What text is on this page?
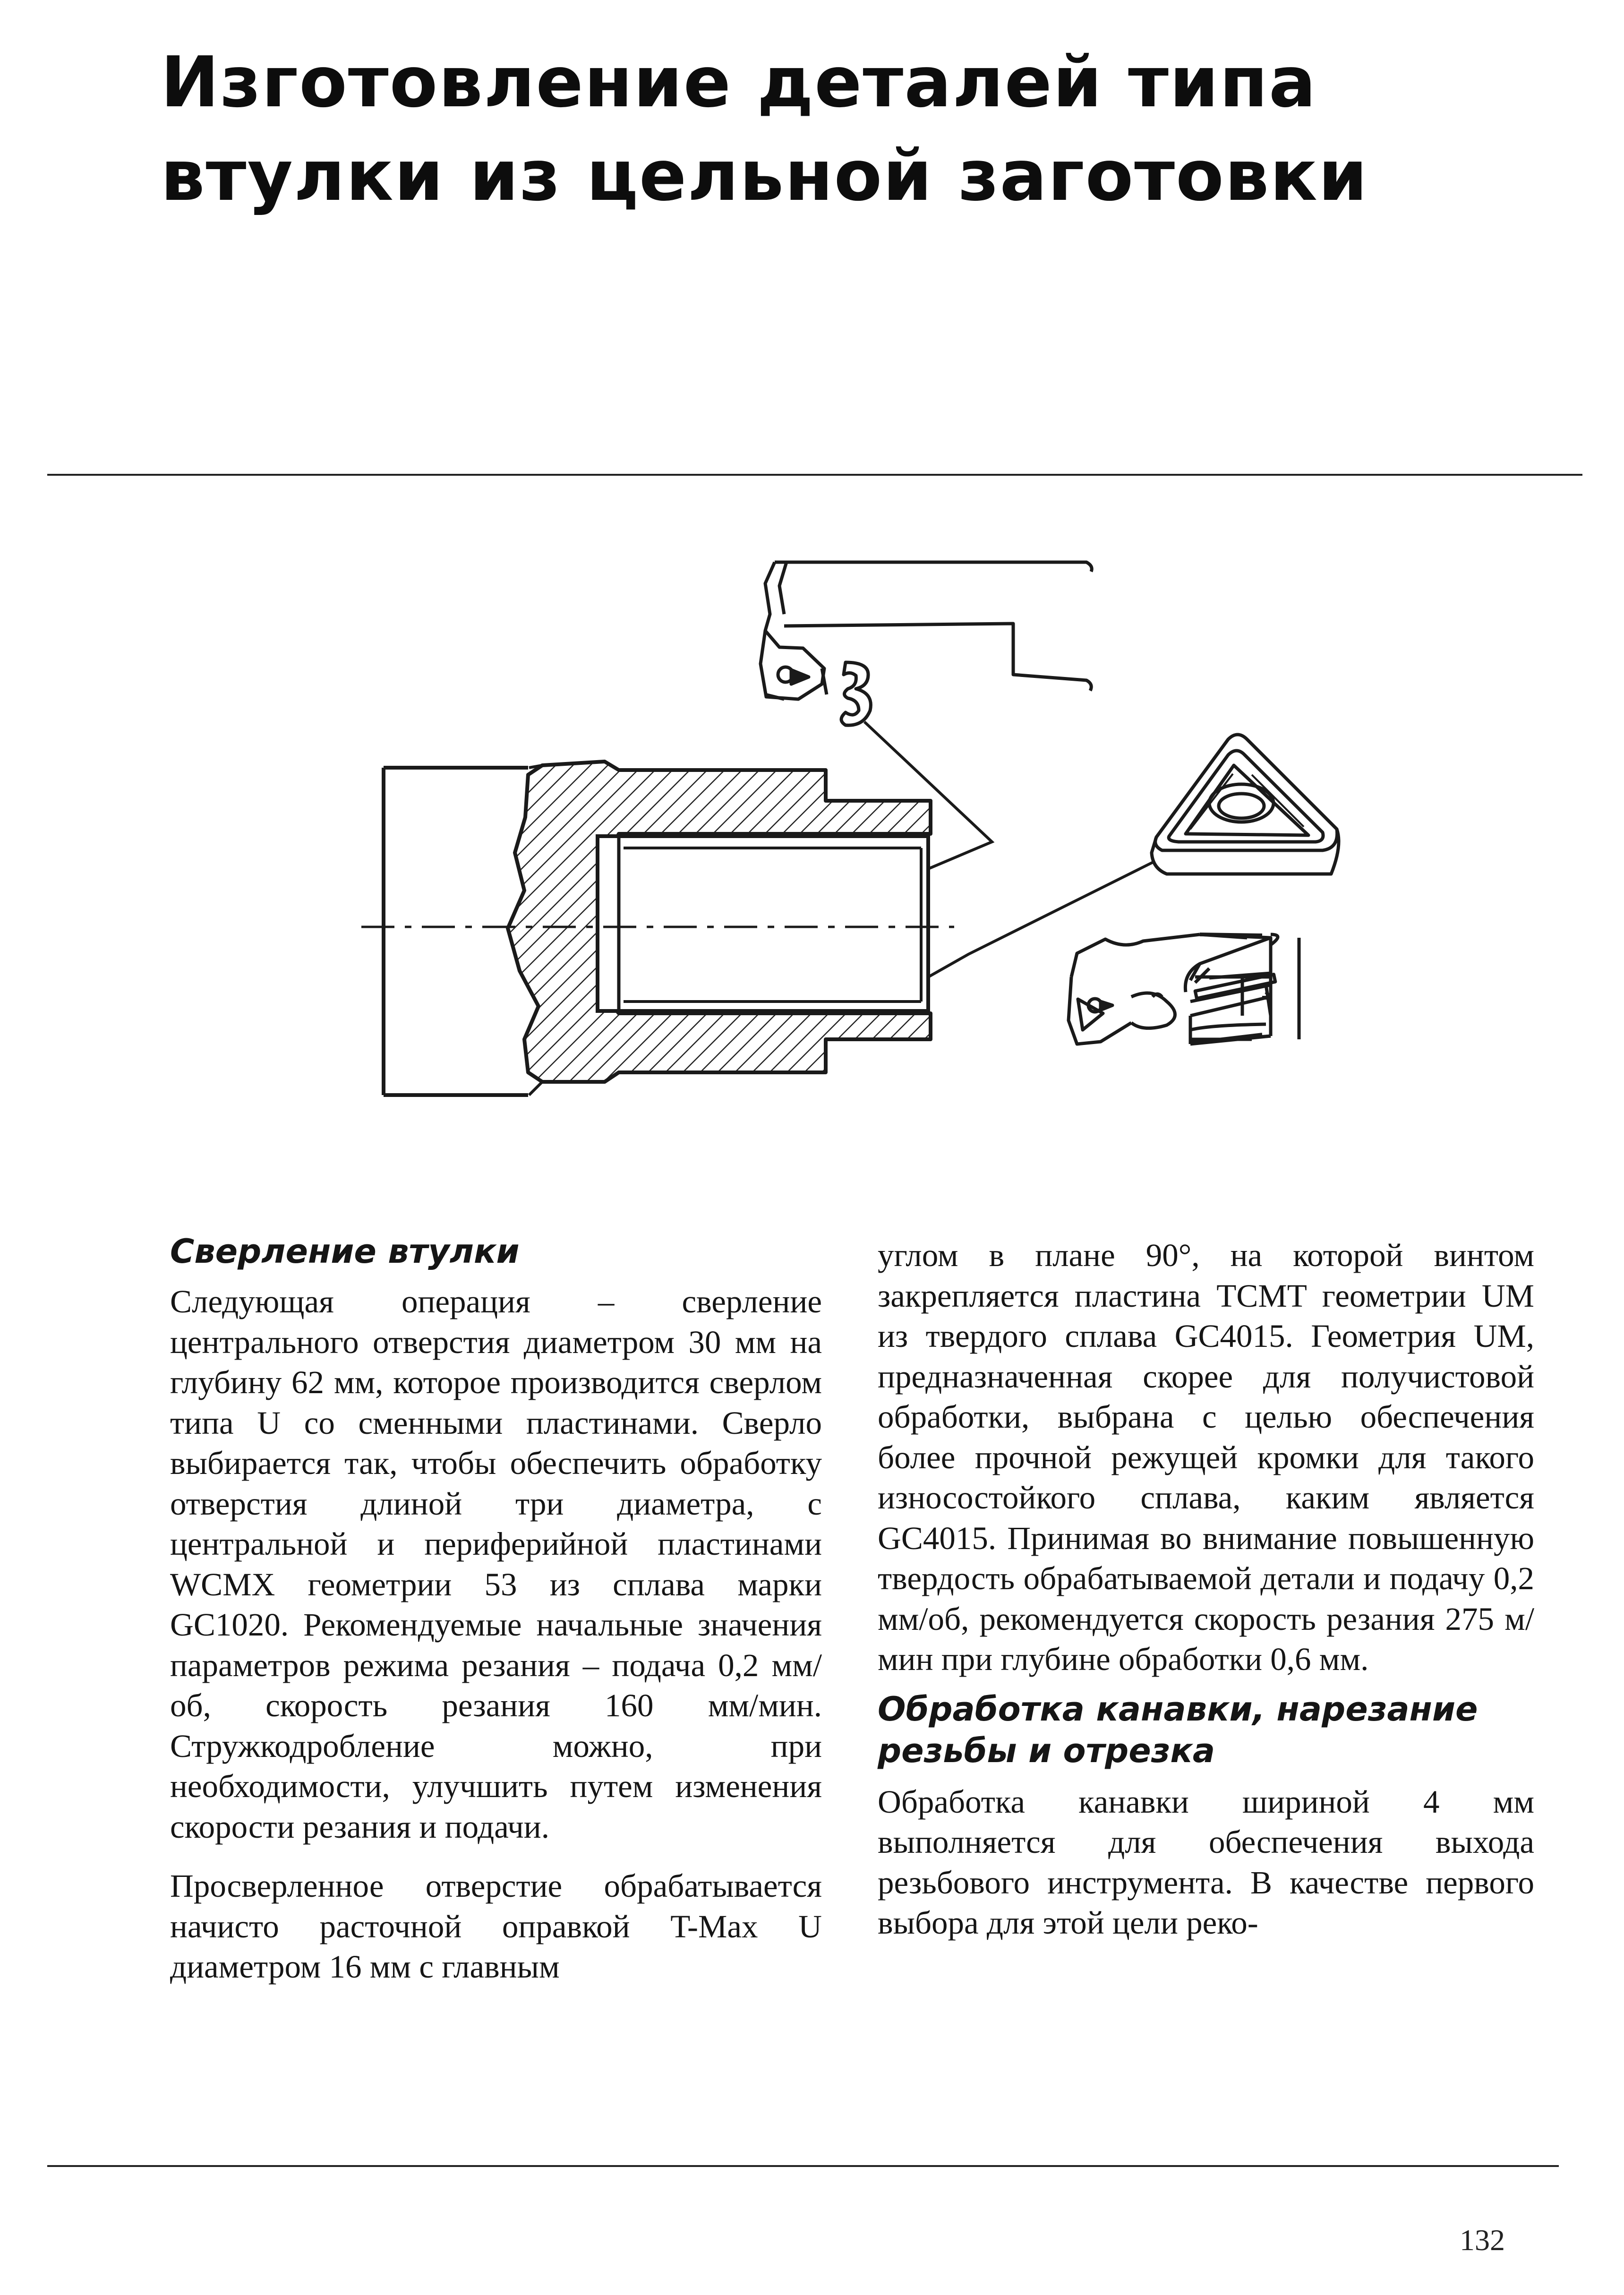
Изготовление деталей типа
втулки из цельной заготовки
Сверление втулки

Следующая операция – сверление центрального отверстия диаметром 30 мм на глубину 62 мм, которое производится сверлом типа U со сменными пластинами. Сверло выбирается так, чтобы обеспечить обработку отверстия длиной три диаметра, с центральной и периферийной пластинами WCMX геометрии 53 из сплава марки GC1020. Рекомендуемые начальные значения параметров режима резания – подача 0,2 мм/об, скорость резания 160 мм/мин. Стружкодробление можно, при необходимости, улучшить путем изменения скорости резания и подачи.

Просверленное отверстие обрабатывается начисто расточной оправкой T-Max U диаметром 16 мм с главным

углом в плане 90°, на которой винтом закрепляется пластина TCMT геометрии UM из твердого сплава GC4015. Геометрия UM, предназначенная скорее для получистовой обработки, выбрана с целью обеспечения более прочной режущей кромки для такого износостойкого сплава, каким является GC4015. Принимая во внимание повышенную твердость обрабатываемой детали и подачу 0,2 мм/об, рекомендуется скорость резания 275 м/мин при глубине обработки 0,6 мм.

Обработка канавки, нарезание резьбы и отрезка

Обработка канавки шириной 4 мм выполняется для обеспечения выхода резьбового инструмента. В качестве первого выбора для этой цели реко-

132
